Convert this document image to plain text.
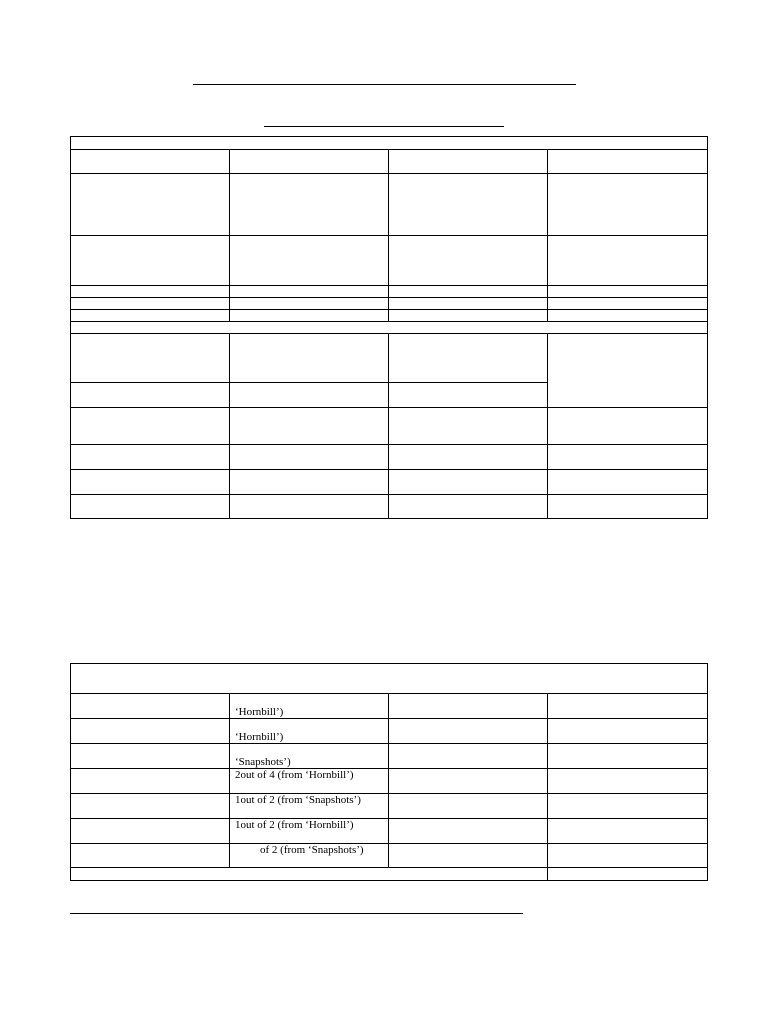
	‘Hornbill’)		

	‘Hornbill’)		

	‘Snapshots’)		

	2out of 4 (from ‘Hornbill’)		

	1out of 2 (from ‘Snapshots’)		

	1out of 2 (from ‘Hornbill’)		

	of 2 (from ‘Snapshots’)		
